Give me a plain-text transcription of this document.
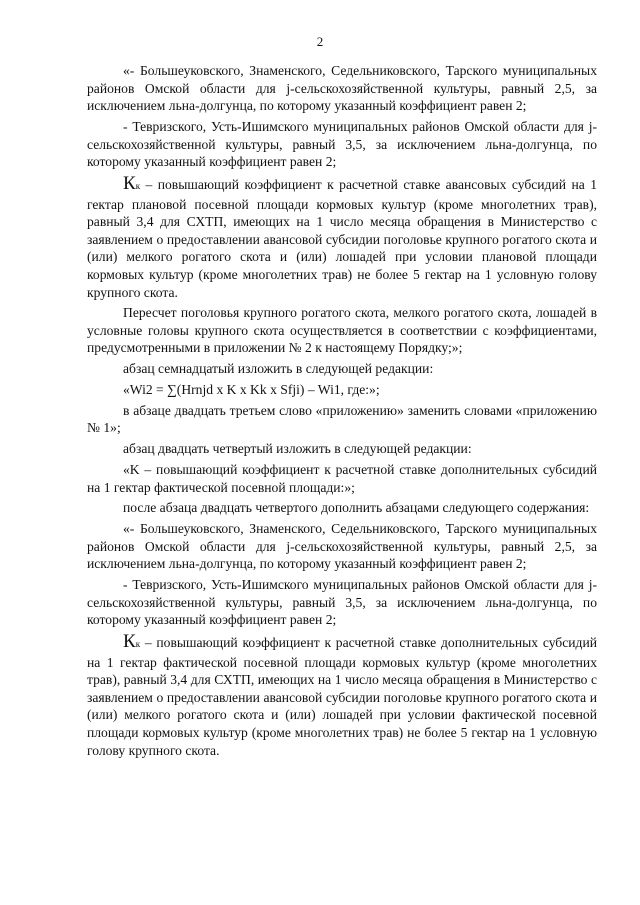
2

«- Большеуковского, Знаменского, Седельниковского, Тарского муниципальных районов Омской области для j-сельскохозяйственной культуры, равный 2,5, за исключением льна-долгунца, по которому указанный коэффициент равен 2;

- Тевризского, Усть-Ишимского муниципальных районов Омской области для j-сельскохозяйственной культуры, равный 3,5, за исключением льна-долгунца, по которому указанный коэффициент равен 2;

Кк – повышающий коэффициент к расчетной ставке авансовых субсидий на 1 гектар плановой посевной площади кормовых культур (кроме многолетних трав), равный 3,4 для СХТП, имеющих на 1 число месяца обращения в Министерство с заявлением о предоставлении авансовой субсидии поголовье крупного рогатого скота и (или) мелкого рогатого скота и (или) лошадей при условии плановой площади кормовых культур (кроме многолетних трав) не более 5 гектар на 1 условную голову крупного скота.

Пересчет поголовья крупного рогатого скота, мелкого рогатого скота, лошадей в условные головы крупного скота осуществляется в соответствии с коэффициентами, предусмотренными в приложении № 2 к настоящему Порядку;»;

абзац семнадцатый изложить в следующей редакции:

«Wi2 = ∑(Hrnjd x K x Kk x Sfji) – Wi1, где:»;

в абзаце двадцать третьем слово «приложению» заменить словами «приложению № 1»;

абзац двадцать четвертый изложить в следующей редакции:

«K – повышающий коэффициент к расчетной ставке дополнительных субсидий на 1 гектар фактической посевной площади:»;

после абзаца двадцать четвертого дополнить абзацами следующего содержания:

«- Большеуковского, Знаменского, Седельниковского, Тарского муниципальных районов Омской области для j-сельскохозяйственной культуры, равный 2,5, за исключением льна-долгунца, по которому указанный коэффициент равен 2;

- Тевризского, Усть-Ишимского муниципальных районов Омской области для j-сельскохозяйственной культуры, равный 3,5, за исключением льна-долгунца, по которому указанный коэффициент равен 2;

Кк – повышающий коэффициент к расчетной ставке дополнительных субсидий на 1 гектар фактической посевной площади кормовых культур (кроме многолетних трав), равный 3,4 для СХТП, имеющих на 1 число месяца обращения в Министерство с заявлением о предоставлении авансовой субсидии поголовье крупного рогатого скота и (или) мелкого рогатого скота и (или) лошадей при условии фактической посевной площади кормовых культур (кроме многолетних трав) не более 5 гектар на 1 условную голову крупного скота.
